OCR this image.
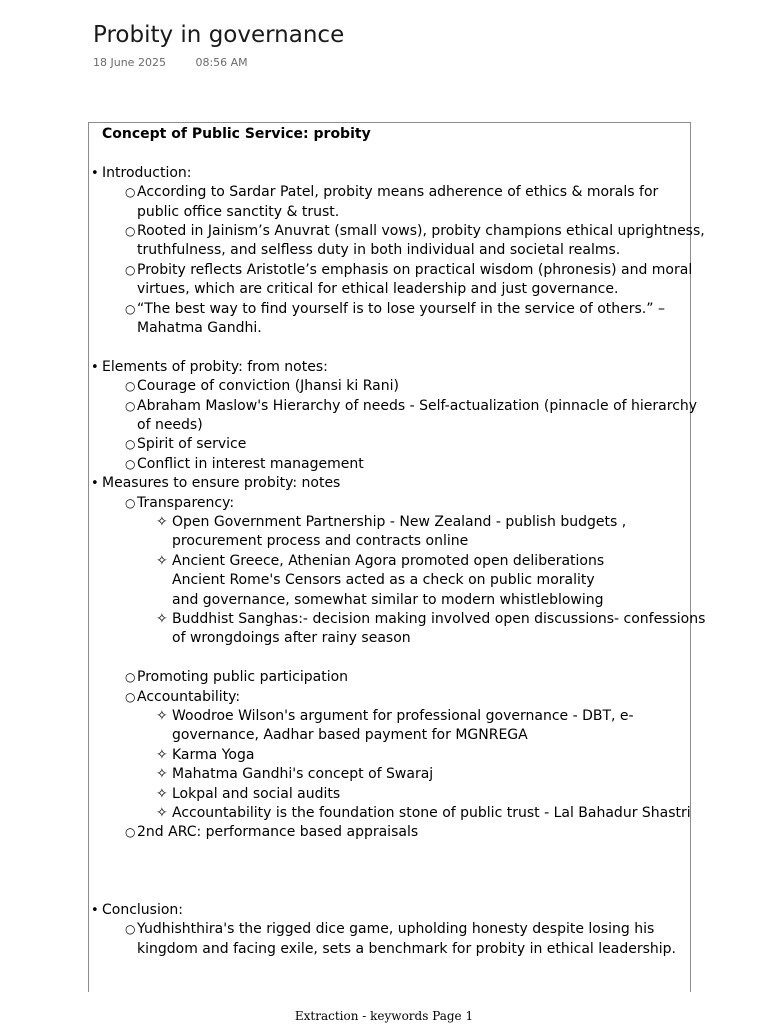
Probity in governance
18 June 2025	08:56 AM
Concept of Public Service: probity
• Introduction:
○ According to Sardar Patel, probity means adherence of ethics & morals for
public office sanctity & trust.
○ Rooted in Jainism’s Anuvrat (small vows), probity champions ethical uprightness,
truthfulness, and selfless duty in both individual and societal realms.
○ Probity reflects Aristotle’s emphasis on practical wisdom (phronesis) and moral
virtues, which are critical for ethical leadership and just governance.
○ “The best way to find yourself is to lose yourself in the service of others.” –
Mahatma Gandhi.
• Elements of probity: from notes:
○ Courage of conviction (Jhansi ki Rani)
○ Abraham Maslow's Hierarchy of needs - Self-actualization (pinnacle of hierarchy
of needs)
○ Spirit of service
○ Conflict in interest management
• Measures to ensure probity: notes
○ Transparency:
✧ Open Government Partnership - New Zealand - publish budgets ,
procurement process and contracts online
✧ Ancient Greece, Athenian Agora promoted open deliberations
Ancient Rome's Censors acted as a check on public morality
and governance, somewhat similar to modern whistleblowing
✧ Buddhist Sanghas:- decision making involved open discussions- confessions
of wrongdoings after rainy season
○ Promoting public participation
○ Accountability:
✧ Woodroe Wilson's argument for professional governance - DBT, e-
governance, Aadhar based payment for MGNREGA
✧ Karma Yoga
✧ Mahatma Gandhi's concept of Swaraj
✧ Lokpal and social audits
✧ Accountability is the foundation stone of public trust - Lal Bahadur Shastri
○ 2nd ARC: performance based appraisals
• Conclusion:
○ Yudhishthira's the rigged dice game, upholding honesty despite losing his
kingdom and facing exile, sets a benchmark for probity in ethical leadership.
Extraction - keywords Page 1
